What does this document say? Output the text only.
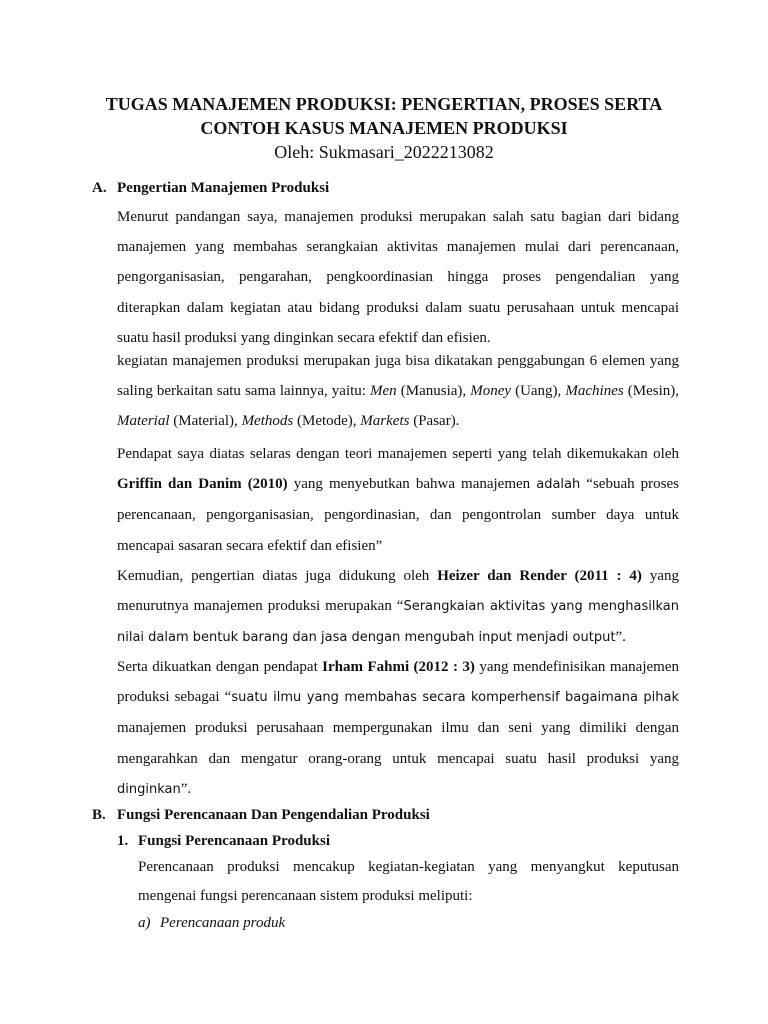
TUGAS MANAJEMEN PRODUKSI: PENGERTIAN, PROSES SERTA
CONTOH KASUS MANAJEMEN PRODUKSI
Oleh: Sukmasari_2022213082
A. Pengertian Manajemen Produksi
Menurut pandangan saya, manajemen produksi merupakan salah satu bagian dari bidang manajemen yang membahas serangkaian aktivitas manajemen mulai dari perencanaan, pengorganisasian, pengarahan, pengkoordinasian hingga proses pengendalian yang diterapkan dalam kegiatan atau bidang produksi dalam suatu perusahaan untuk mencapai suatu hasil produksi yang dinginkan secara efektif dan efisien.
kegiatan manajemen produksi merupakan juga bisa dikatakan penggabungan 6 elemen yang saling berkaitan satu sama lainnya, yaitu: Men (Manusia), Money (Uang), Machines (Mesin), Material (Material), Methods (Metode), Markets (Pasar).
Pendapat saya diatas selaras dengan teori manajemen seperti yang telah dikemukakan oleh Griffin dan Danim (2010) yang menyebutkan bahwa manajemen adalah “sebuah proses perencanaan, pengorganisasian, pengordinasian, dan pengontrolan sumber daya untuk mencapai sasaran secara efektif dan efisien”
Kemudian, pengertian diatas juga didukung oleh Heizer dan Render (2011 : 4) yang menurutnya manajemen produksi merupakan “Serangkaian aktivitas yang menghasilkan nilai dalam bentuk barang dan jasa dengan mengubah input menjadi output”.
Serta dikuatkan dengan pendapat Irham Fahmi (2012 : 3) yang mendefinisikan manajemen produksi sebagai “suatu ilmu yang membahas secara komperhensif bagaimana pihak manajemen produksi perusahaan mempergunakan ilmu dan seni yang dimiliki dengan mengarahkan dan mengatur orang-orang untuk mencapai suatu hasil produksi yang dinginkan”.
B. Fungsi Perencanaan Dan Pengendalian Produksi
1. Fungsi Perencanaan Produksi
Perencanaan produksi mencakup kegiatan-kegiatan yang menyangkut keputusan mengenai fungsi perencanaan sistem produksi meliputi:
a) Perencanaan produk
